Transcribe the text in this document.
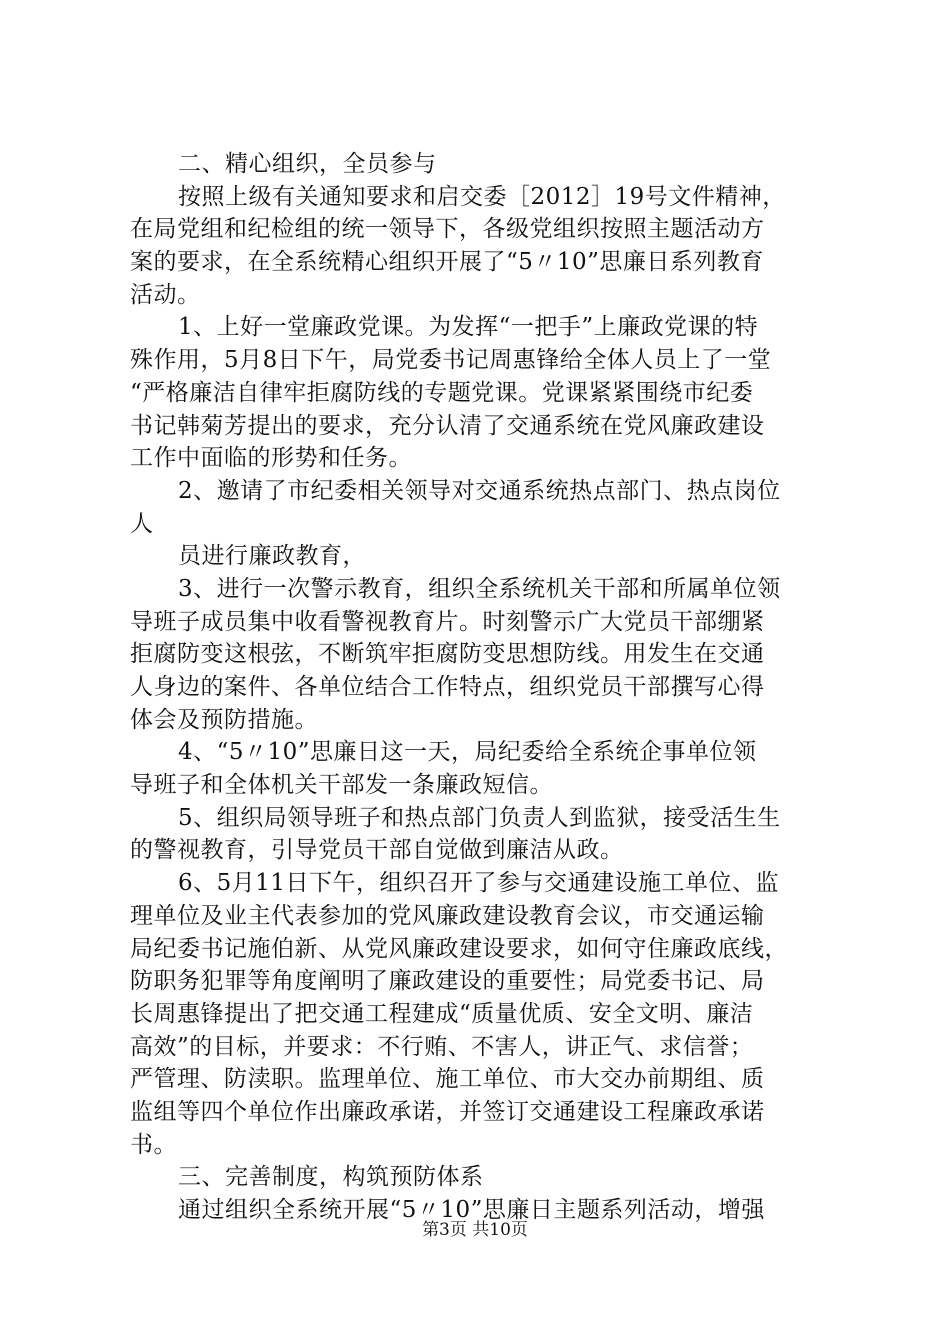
二、精心组织，全员参与
按照上级有关通知要求和启交委［2012］19号文件精神，
在局党组和纪检组的统一领导下，各级党组织按照主题活动方
案的要求，在全系统精心组织开展了“5〃10”思廉日系列教育
活动。
1、上好一堂廉政党课。为发挥“一把手”上廉政党课的特
殊作用，5月8日下午，局党委书记周惠锋给全体人员上了一堂
“严格廉洁自律牢拒腐防线的专题党课。党课紧紧围绕市纪委
书记韩菊芳提出的要求，充分认清了交通系统在党风廉政建设
工作中面临的形势和任务。
2、邀请了市纪委相关领导对交通系统热点部门、热点岗位
人
员进行廉政教育，
3、进行一次警示教育，组织全系统机关干部和所属单位领
导班子成员集中收看警视教育片。时刻警示广大党员干部绷紧
拒腐防变这根弦，不断筑牢拒腐防变思想防线。用发生在交通
人身边的案件、各单位结合工作特点，组织党员干部撰写心得
体会及预防措施。
4、“5〃10”思廉日这一天，局纪委给全系统企事单位领
导班子和全体机关干部发一条廉政短信。
5、组织局领导班子和热点部门负责人到监狱，接受活生生
的警视教育，引导党员干部自觉做到廉洁从政。
6、5月11日下午，组织召开了参与交通建设施工单位、监
理单位及业主代表参加的党风廉政建设教育会议，市交通运输
局纪委书记施伯新、从党风廉政建设要求，如何守住廉政底线，
防职务犯罪等角度阐明了廉政建设的重要性；局党委书记、局
长周惠锋提出了把交通工程建成“质量优质、安全文明、廉洁
高效”的目标，并要求：不行贿、不害人，讲正气、求信誉；
严管理、防渎职。监理单位、施工单位、市大交办前期组、质
监组等四个单位作出廉政承诺，并签订交通建设工程廉政承诺
书。
三、完善制度，构筑预防体系
通过组织全系统开展“5〃10”思廉日主题系列活动，增强
第3页 共10页
